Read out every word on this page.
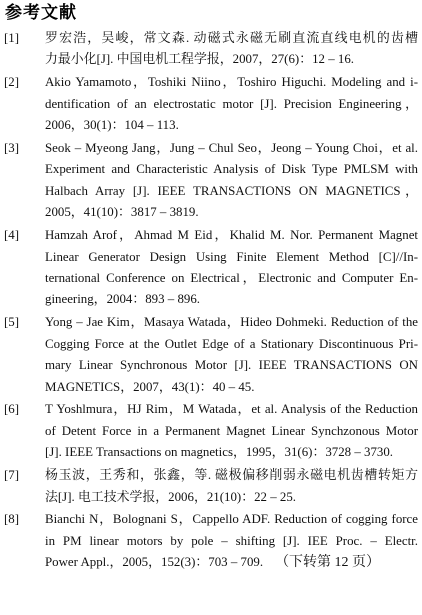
参考文献
[1]	罗宏浩，吴峻，常文森. 动磁式永磁无刷直流直线电机的齿槽
力最小化[J]. 中国电机工程学报，2007，27(6)：12 – 16.
[2]	Akio Yamamoto，Toshiki Niino，Toshiro Higuchi. Modeling and i-
dentification of an electrostatic motor [J]. Precision Engineering，
2006，30(1)：104 – 113.
[3]	Seok – Myeong Jang，Jung – Chul Seo，Jeong – Young Choi，et al.
Experiment and Characteristic Analysis of Disk Type PMLSM with
Halbach Array [J]. IEEE TRANSACTIONS ON MAGNETICS，
2005，41(10)：3817 – 3819.
[4]	Hamzah Arof，Ahmad M Eid，Khalid M. Nor. Permanent Magnet
Linear Generator Design Using Finite Element Method [C]//In-
ternational Conference on Electrical，Electronic and Computer En-
gineering，2004：893 – 896.
[5]	Yong – Jae Kim，Masaya Watada，Hideo Dohmeki. Reduction of the
Cogging Force at the Outlet Edge of a Stationary Discontinuous Pri-
mary Linear Synchronous Motor [J]. IEEE TRANSACTIONS ON
MAGNETICS，2007，43(1)：40 – 45.
[6]	T Yoshlmura，HJ Rim，M Watada，et al. Analysis of the Reduction
of Detent Force in a Permanent Magnet Linear Synchzonous Motor
[J]. IEEE Transactions on magnetics，1995，31(6)：3728 – 3730.
[7]	杨玉波，王秀和，张鑫，等. 磁极偏移削弱永磁电机齿槽转矩方
法[J]. 电工技术学报，2006，21(10)：22 – 25.
[8]	Bianchi N，Bolognani S，Cappello ADF. Reduction of cogging force
in PM linear motors by pole – shifting [J]. IEE Proc. – Electr.
Power Appl.，2005，152(3)：703 – 709. （下转第 12 页）
